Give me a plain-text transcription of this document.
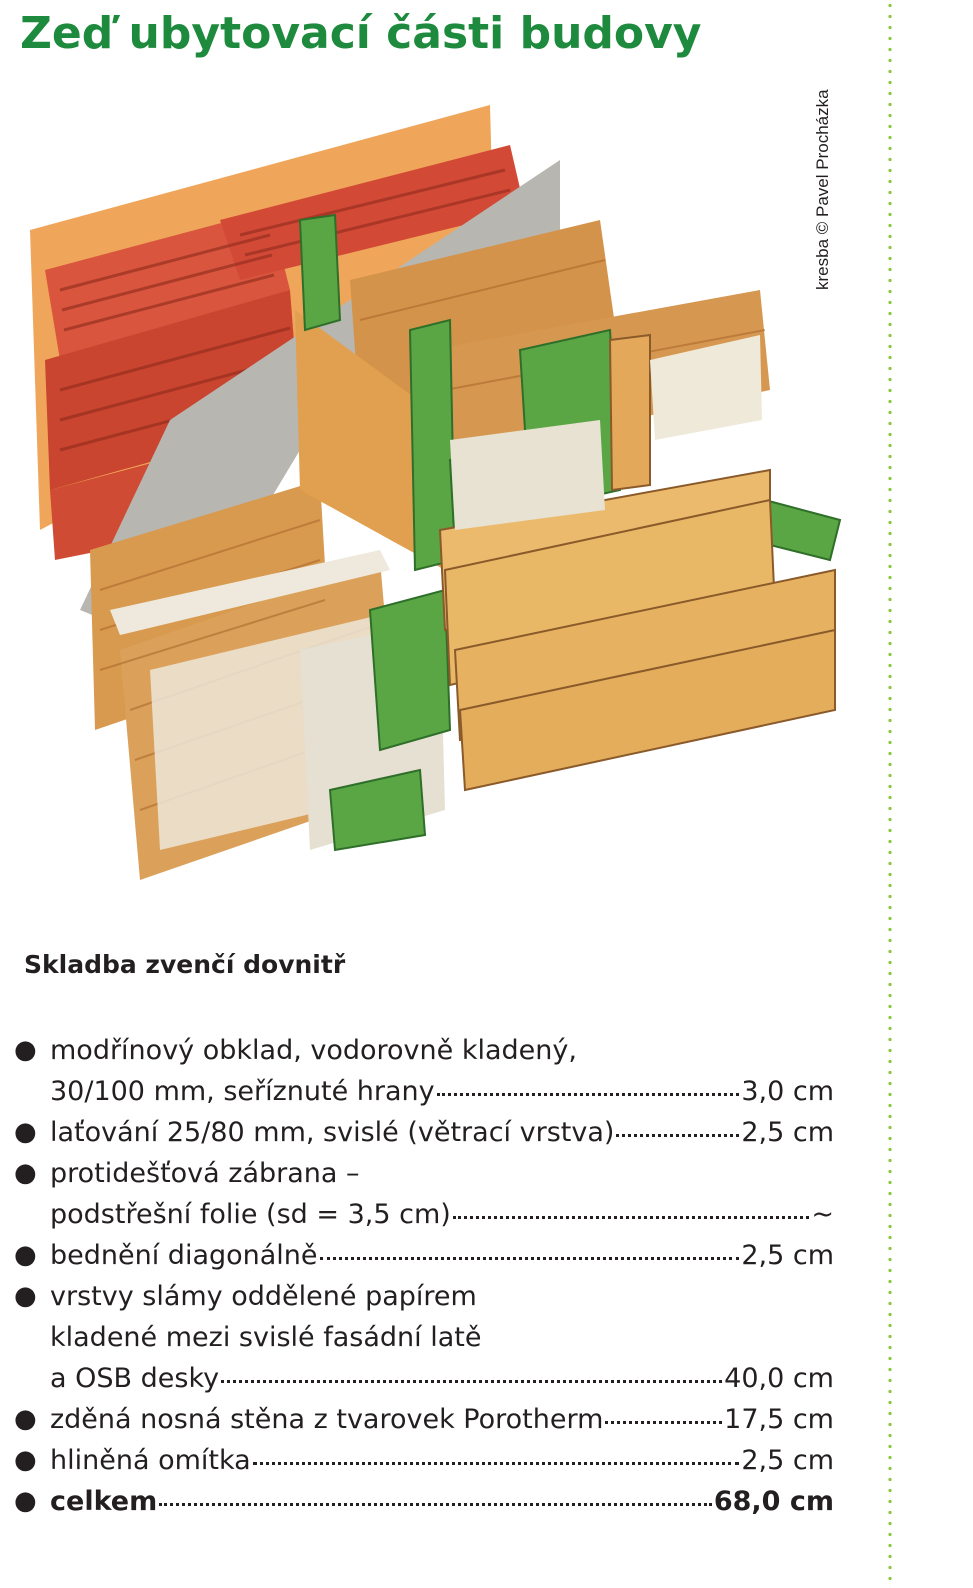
Zeď ubytovací části budovy
kresba © Pavel Procházka
Skladba zvenčí dovnitř
● modřínový obklad, vodorovně kladený,
30/100 mm, seříznuté hrany	3,0 cm
● laťování 25/80 mm, svislé (větrací vrstva)	2,5 cm
● protidešťová zábrana –
podstřešní folie (sd = 3,5 cm)	~
● bednění diagonálně	2,5 cm
● vrstvy slámy oddělené papírem
kladené mezi svislé fasádní latě
a OSB desky	40,0 cm
● zděná nosná stěna z tvarovek Porotherm	17,5 cm
● hliněná omítka	2,5 cm
● celkem	68,0 cm
